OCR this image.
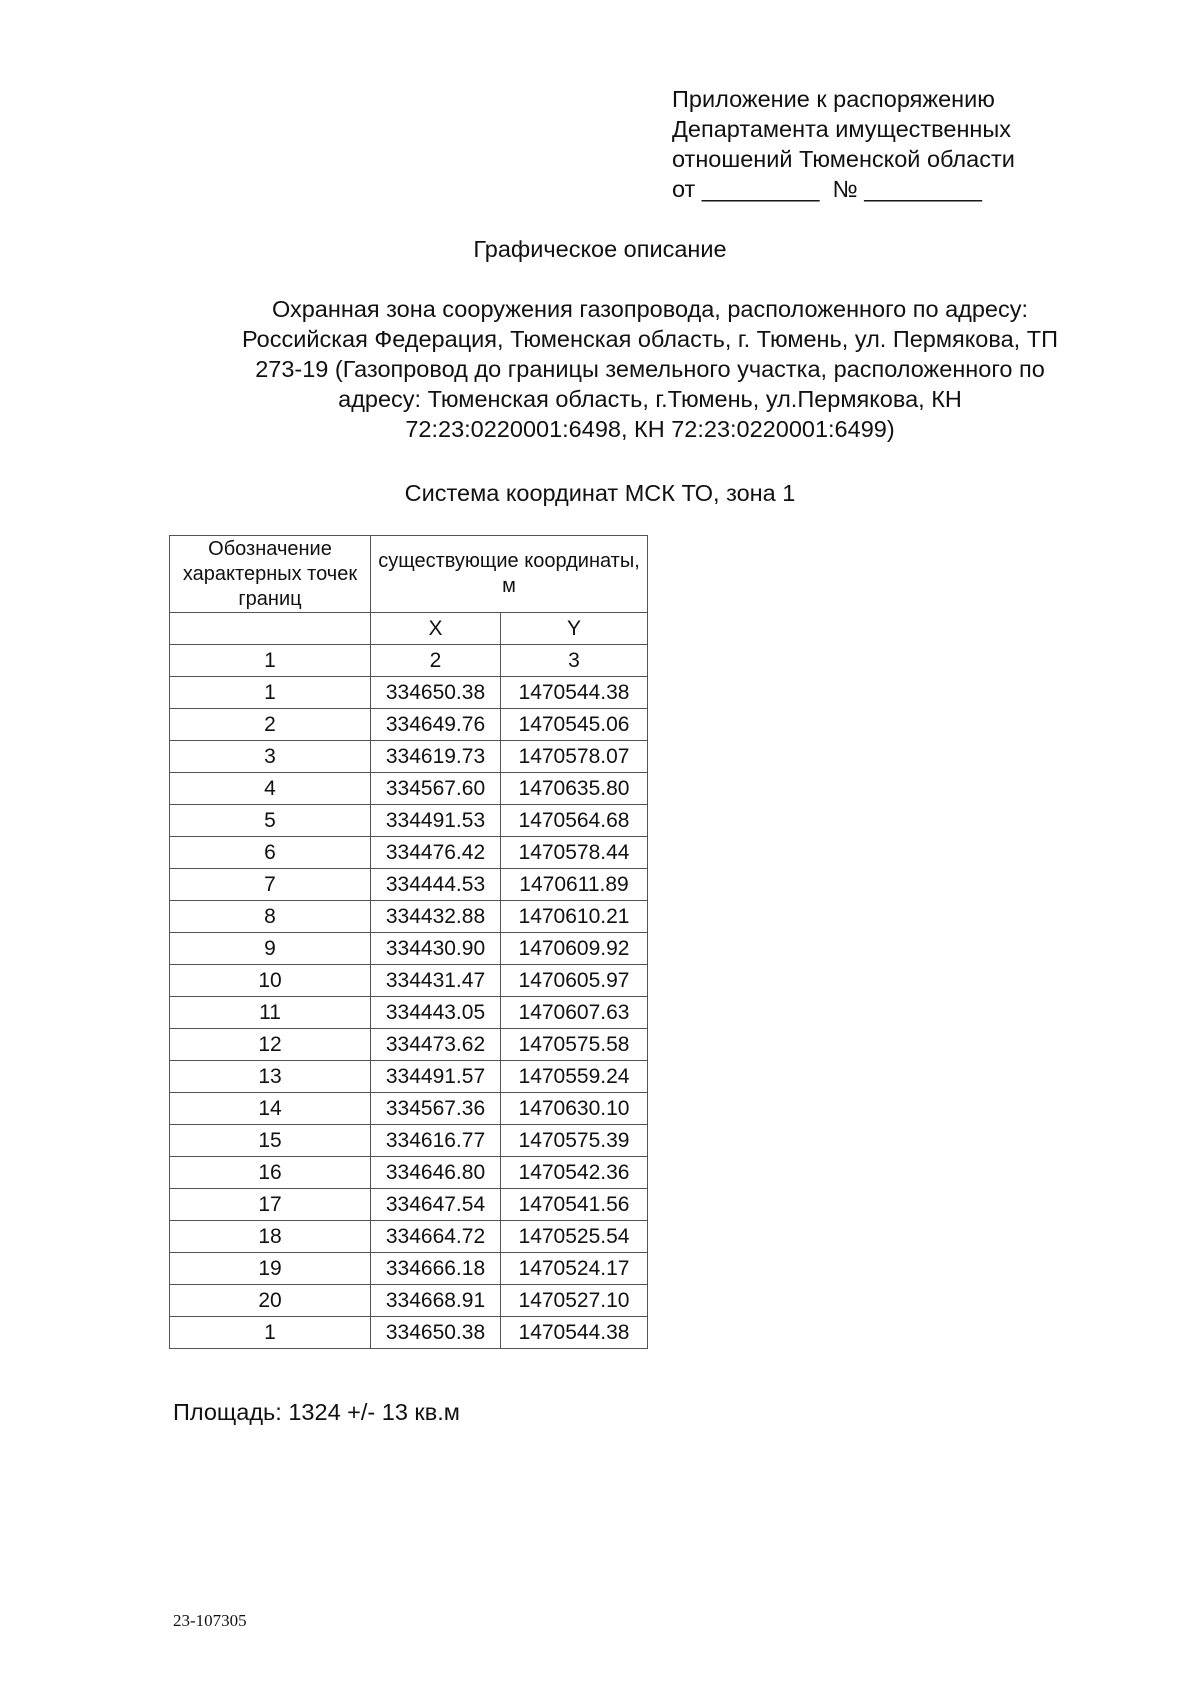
Приложение к распоряжению
Департамента имущественных
отношений Тюменской области
от _________  № _________
Графическое описание
Охранная зона сооружения газопровода, расположенного по адресу:
Российская Федерация, Тюменская область, г. Тюмень, ул. Пермякова, ТП
273-19 (Газопровод до границы земельного участка, расположенного по
адресу: Тюменская область, г.Тюмень, ул.Пермякова, КН
72:23:0220001:6498, КН 72:23:0220001:6499)
Система координат МСК ТО, зона 1
Обозначение характерных точек границ	существующие координаты, м	
	X	Y
1	2	3
1	334650.38	1470544.38
2	334649.76	1470545.06
3	334619.73	1470578.07
4	334567.60	1470635.80
5	334491.53	1470564.68
6	334476.42	1470578.44
7	334444.53	1470611.89
8	334432.88	1470610.21
9	334430.90	1470609.92
10	334431.47	1470605.97
11	334443.05	1470607.63
12	334473.62	1470575.58
13	334491.57	1470559.24
14	334567.36	1470630.10
15	334616.77	1470575.39
16	334646.80	1470542.36
17	334647.54	1470541.56
18	334664.72	1470525.54
19	334666.18	1470524.17
20	334668.91	1470527.10
1	334650.38	1470544.38
Площадь: 1324 +/- 13 кв.м
23-107305
